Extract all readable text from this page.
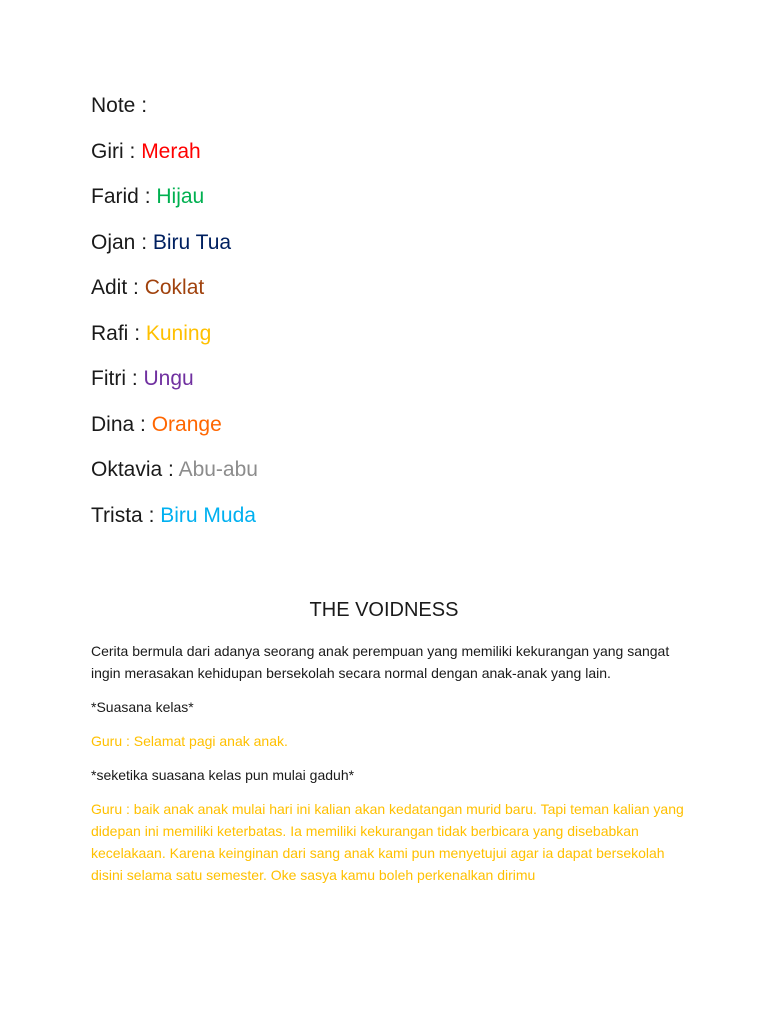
Note :
Giri : Merah
Farid : Hijau
Ojan : Biru Tua
Adit : Coklat
Rafi : Kuning
Fitri : Ungu
Dina : Orange
Oktavia : Abu-abu
Trista : Biru Muda
THE VOIDNESS

Cerita bermula dari adanya seorang anak perempuan yang memiliki kekurangan yang sangat ingin merasakan kehidupan bersekolah secara normal dengan anak-anak yang lain.

*Suasana kelas*

Guru : Selamat pagi anak anak.

*seketika suasana kelas pun mulai gaduh*

Guru : baik anak anak mulai hari ini kalian akan kedatangan murid baru. Tapi teman kalian yang didepan ini memiliki keterbatas. Ia memiliki kekurangan tidak berbicara yang disebabkan kecelakaan. Karena keinginan dari sang anak kami pun menyetujui agar ia dapat bersekolah disini selama satu semester. Oke sasya kamu boleh perkenalkan dirimu
